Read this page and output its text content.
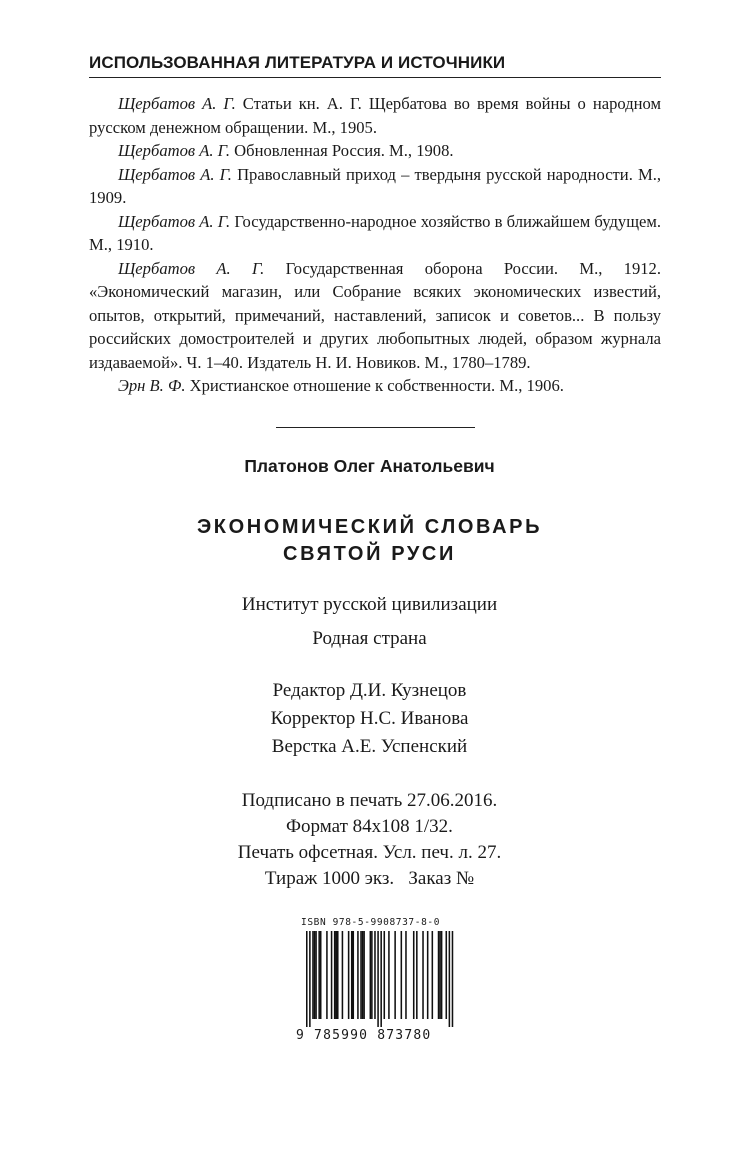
ИСПОЛЬЗОВАННАЯ ЛИТЕРАТУРА И ИСТОЧНИКИ

Щербатов А. Г. Статьи кн. А. Г. Щербатова во время войны о народном русском денежном обращении. М., 1905.

Щербатов А. Г. Обновленная Россия. М., 1908.

Щербатов А. Г. Православный приход – твердыня русской народности. М., 1909.

Щербатов А. Г. Государственно-народное хозяйство в ближайшем будущем. М., 1910.

Щербатов А. Г. Государственная оборона России. М., 1912. «Экономический магазин, или Собрание всяких экономических известий, опытов, открытий, примечаний, наставлений, записок и советов... В пользу российских домостроителей и других любопытных людей, образом журнала издаваемой». Ч. 1–40. Издатель Н. И. Новиков. М., 1780–1789.

Эрн В. Ф. Христианское отношение к собственности. М., 1906.

Платонов Олег Анатольевич
ЭКОНОМИЧЕСКИЙ СЛОВАРЬ
СВЯТОЙ РУСИ
Институт русской цивилизации
Родная страна
Редактор Д.И. Кузнецов
Корректор Н.С. Иванова
Верстка А.Е. Успенский
Подписано в печать 27.06.2016.
Формат 84x108 1/32.
Печать офсетная. Усл. печ. л. 27.
Тираж 1000 экз.   Заказ №
ISBN 978-5-9908737-8-0
9 785990 873780
